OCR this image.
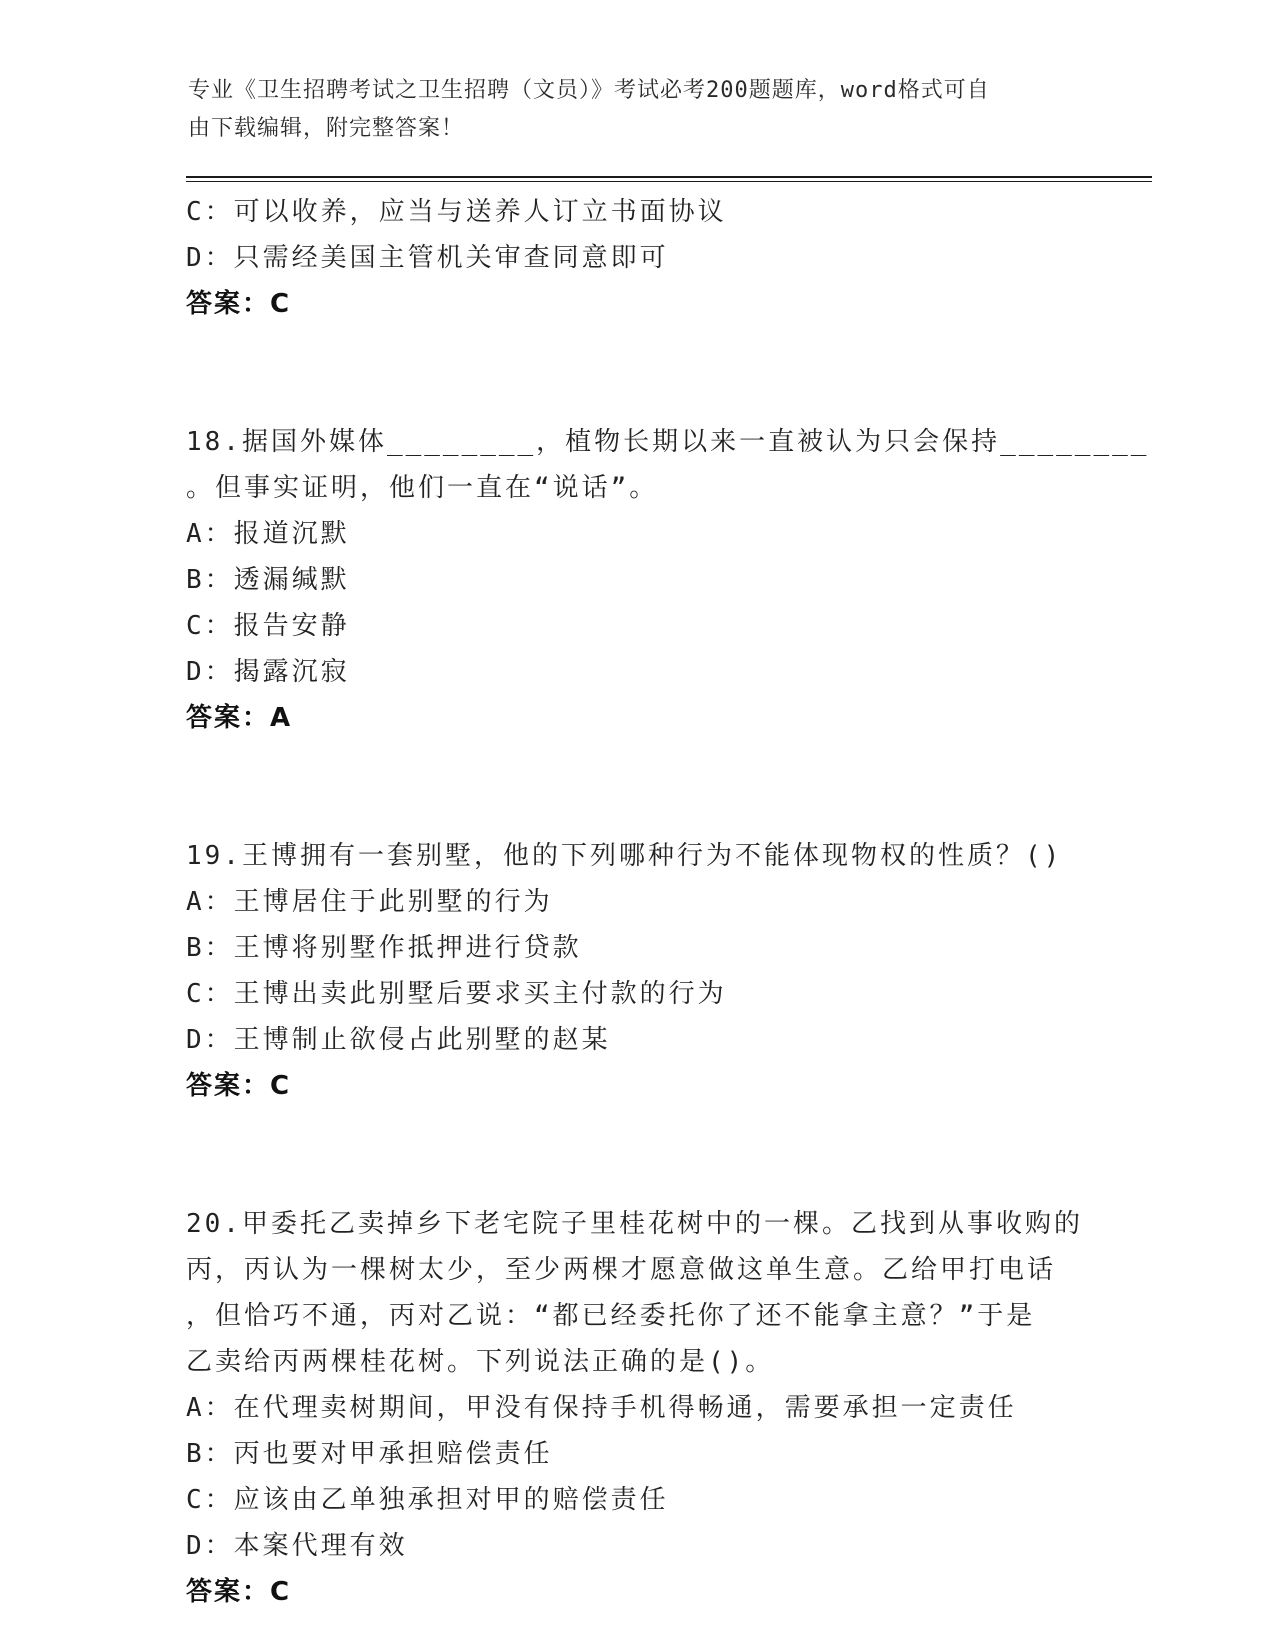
专业《卫生招聘考试之卫生招聘（文员）》考试必考200题题库，word格式可自
由下载编辑，附完整答案！
C：可以收养，应当与送养人订立书面协议
D：只需经美国主管机关审查同意即可
答案：C
18.据国外媒体________，植物长期以来一直被认为只会保持________
。但事实证明，他们一直在“说话”。
A：报道沉默
B：透漏缄默
C：报告安静
D：揭露沉寂
答案：A
19.王博拥有一套别墅，他的下列哪种行为不能体现物权的性质？()
A：王博居住于此别墅的行为
B：王博将别墅作抵押进行贷款
C：王博出卖此别墅后要求买主付款的行为
D：王博制止欲侵占此别墅的赵某
答案：C
20.甲委托乙卖掉乡下老宅院子里桂花树中的一棵。乙找到从事收购的
丙，丙认为一棵树太少，至少两棵才愿意做这单生意。乙给甲打电话
，但恰巧不通，丙对乙说：“都已经委托你了还不能拿主意？”于是
乙卖给丙两棵桂花树。下列说法正确的是()。
A：在代理卖树期间，甲没有保持手机得畅通，需要承担一定责任
B：丙也要对甲承担赔偿责任
C：应该由乙单独承担对甲的赔偿责任
D：本案代理有效
答案：C
